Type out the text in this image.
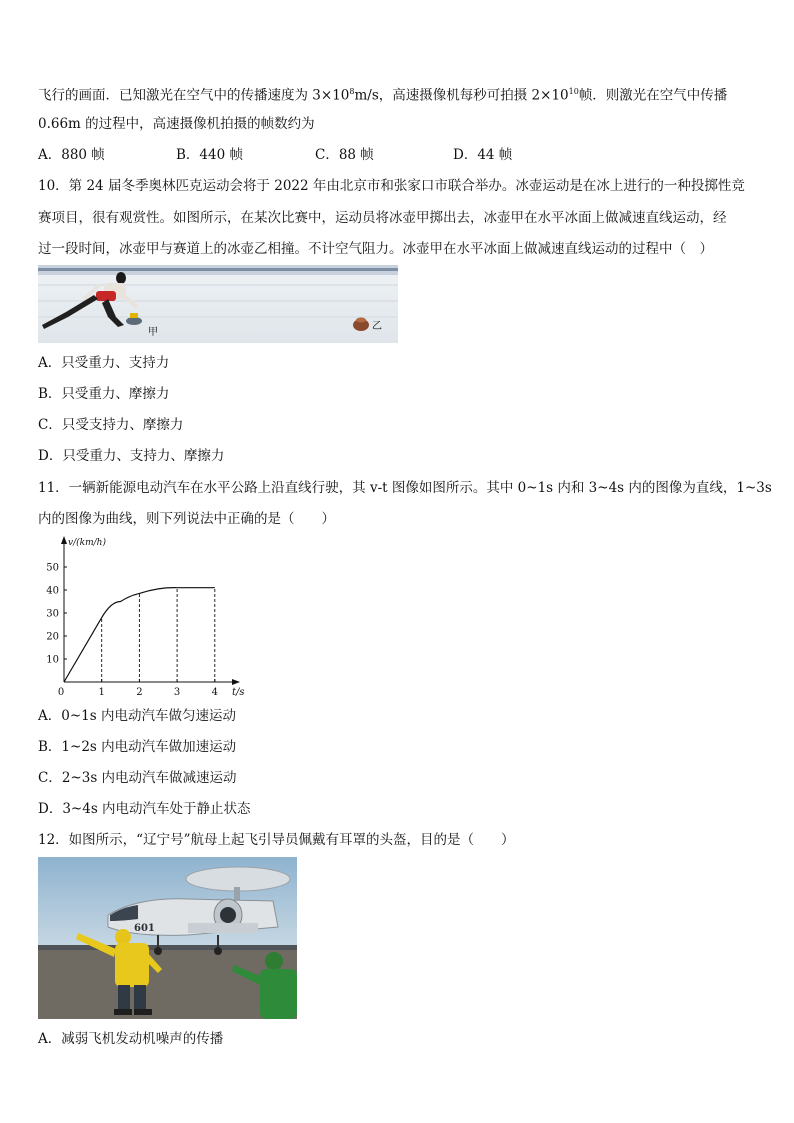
飞行的画面．已知激光在空气中的传播速度为 $3\times 10^8m/s$，高速摄像机每秒可拍摄 $2\times 10^{10}$帧．则激光在空气中传播
0.66m 的过程中，高速摄像机拍摄的帧数约为
A．880 帧	B．440 帧	C．88 帧	D．44 帧
10．第 24 届冬季奥林匹克运动会将于 2022 年由北京市和张家口市联合举办。冰壶运动是在冰上进行的一种投掷性竞
赛项目，很有观赏性。如图所示，在某次比赛中，运动员将冰壶甲掷出去，冰壶甲在水平冰面上做减速直线运动，经
过一段时间，冰壶甲与赛道上的冰壶乙相撞。不计空气阻力。冰壶甲在水平冰面上做减速直线运动的过程中（　）
甲
乙
A．只受重力、支持力
B．只受重力、摩擦力
C．只受支持力、摩擦力
D．只受重力、支持力、摩擦力
11．一辆新能源电动汽车在水平公路上沿直线行驶，其 v-t 图像如图所示。其中 0~1s 内和 3~4s 内的图像为直线，1~3s
内的图像为曲线，则下列说法中正确的是（　　）
10
20
30
40
50
0	1	2	3	4
v/(km/h)
t/s
A．0~1s 内电动汽车做匀速运动
B．1~2s 内电动汽车做加速运动
C．2~3s 内电动汽车做减速运动
D．3~4s 内电动汽车处于静止状态
12．如图所示，“辽宁号”航母上起飞引导员佩戴有耳罩的头盔，目的是（　　）
601
A．减弱飞机发动机噪声的传播
